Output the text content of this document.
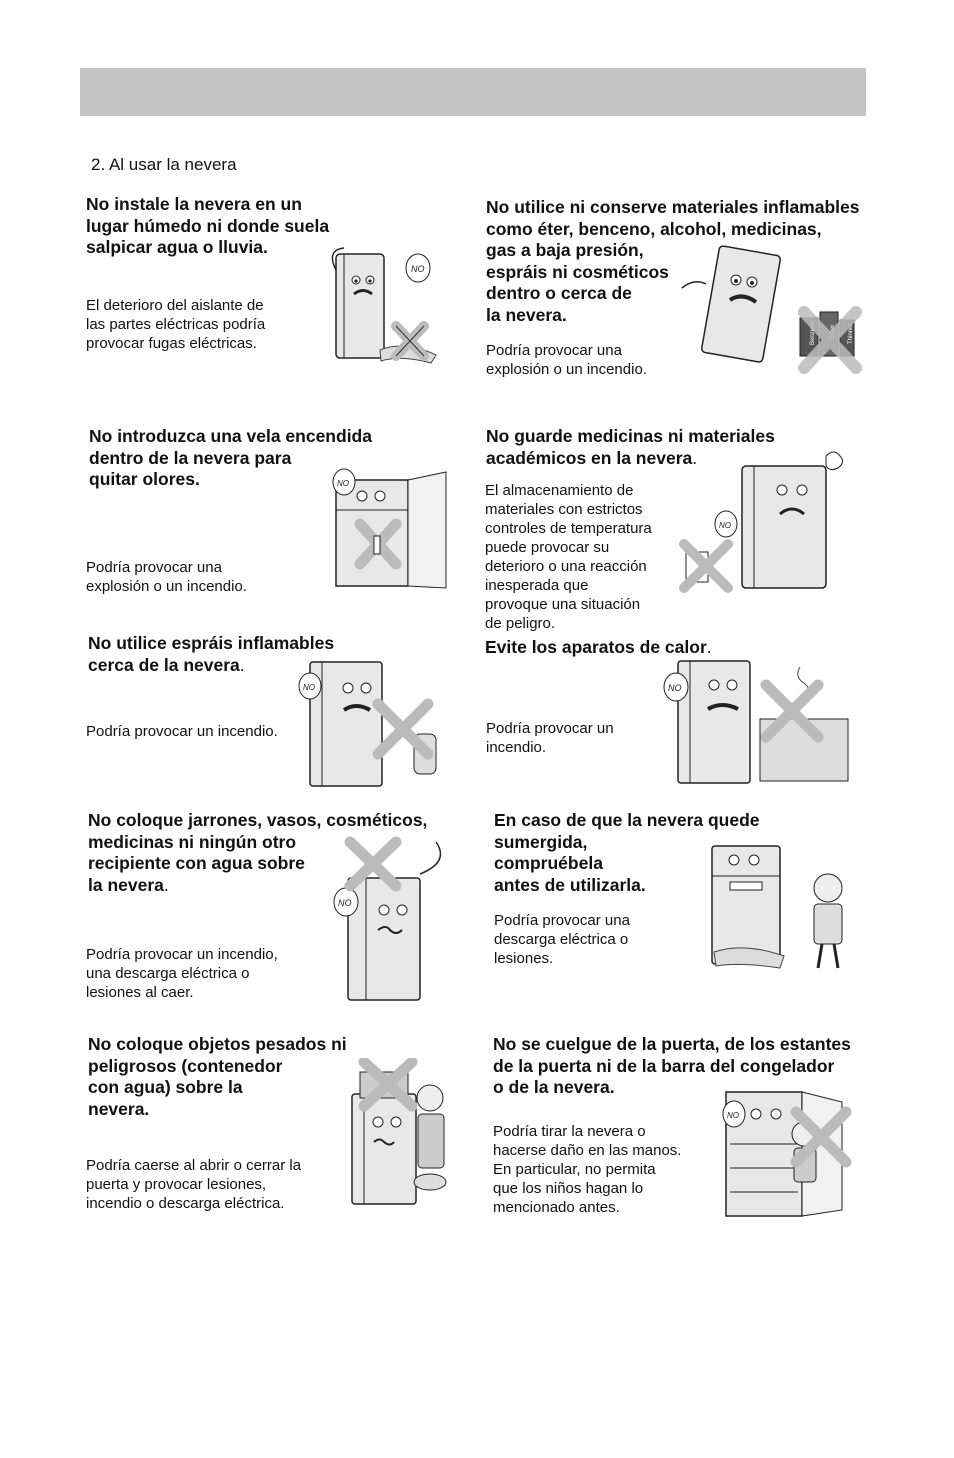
2. Al usar la nevera

No instale la nevera en un
lugar húmedo ni donde suela
salpicar agua o lluvia.

El deterioro del aislante de
las partes eléctricas podría
provocar fugas eléctricas.

NO

No utilice ni conserve materiales inflamables
como éter, benceno, alcohol, medicinas,
gas a baja presión,
espráis ni cosméticos
dentro o cerca de
la nevera.

Podría provocar una
explosión o un incendio.

Benzene	Thinner

No introduzca una vela encendida
dentro de la nevera para
quitar olores.

Podría provocar una
explosión o un incendio.

NO

No guarde medicinas ni materiales
académicos en la nevera.

El almacenamiento de
materiales con estrictos
controles de temperatura
puede provocar su
deterioro o una reacción
inesperada que
provoque una situación
de peligro.

NO

No utilice espráis inflamables
cerca de la nevera.

Podría provocar un incendio.

NO

Evite los aparatos de calor.

Podría provocar un
incendio.

NO

No coloque jarrones, vasos, cosméticos,
medicinas ni ningún otro
recipiente con agua sobre
la nevera.

Podría provocar un incendio,
una descarga eléctrica o
lesiones al caer.

NO

En caso de que la nevera quede
sumergida,
compruébela
antes de utilizarla.

Podría provocar una
descarga eléctrica o
lesiones.

No coloque objetos pesados ni
peligrosos (contenedor
con agua) sobre la
nevera.

Podría caerse al abrir o cerrar la
puerta y provocar lesiones,
incendio o descarga eléctrica.

No se cuelgue de la puerta, de los estantes
de la puerta ni de la barra del congelador
o de la nevera.

Podría tirar la nevera o
hacerse daño en las manos.
En particular, no permita
que los niños hagan lo
mencionado antes.

NO
